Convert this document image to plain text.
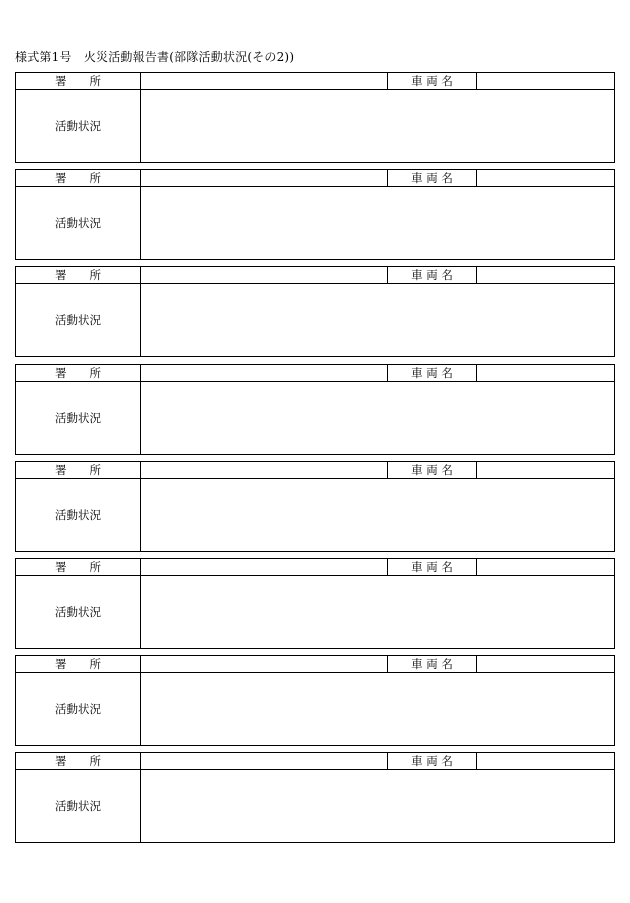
様式第1号　火災活動報告書(部隊活動状況(その2))
署　　所	車 両 名
活動状況
署　　所	車 両 名
活動状況
署　　所	車 両 名
活動状況
署　　所	車 両 名
活動状況
署　　所	車 両 名
活動状況
署　　所	車 両 名
活動状況
署　　所	車 両 名
活動状況
署　　所	車 両 名
活動状況
